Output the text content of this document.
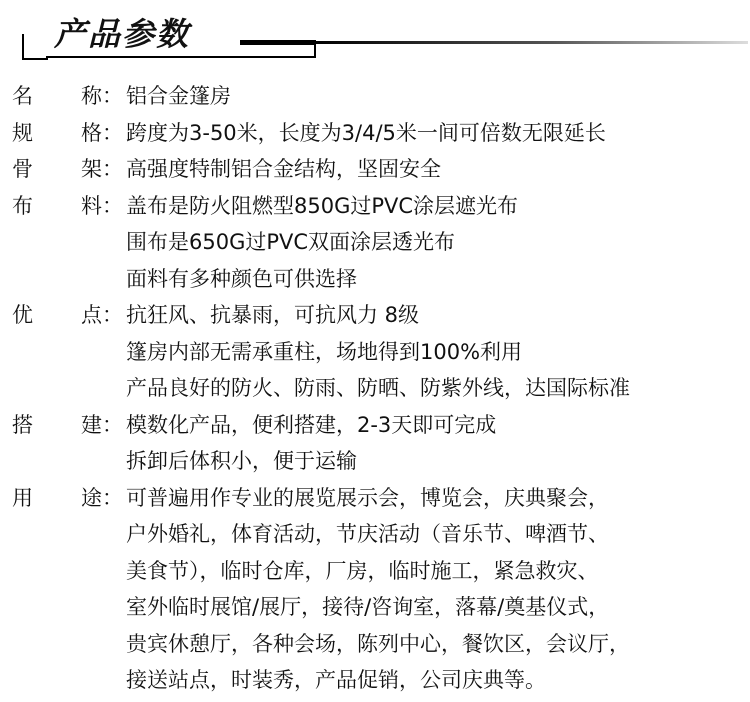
产品参数
名 称 ： 铝合金篷房
规 格 ： 跨度为3-50米，长度为3/4/5米一间可倍数无限延长
骨 架 ： 高强度特制铝合金结构，坚固安全
布 料 ： 盖布是防火阻燃型850G过PVC涂层遮光布
围布是650G过PVC双面涂层透光布
面料有多种颜色可供选择
优 点 ： 抗狂风、抗暴雨，可抗风力 8级
篷房内部无需承重柱，场地得到100%利用
产品良好的防火、防雨、防晒、防紫外线，达国际标准
搭 建 ： 模数化产品，便利搭建，2-3天即可完成
拆卸后体积小，便于运输
用 途 ： 可普遍用作专业的展览展示会，博览会，庆典聚会，
户外婚礼，体育活动，节庆活动（音乐节、啤酒节、
美食节），临时仓库，厂房，临时施工，紧急救灾、
室外临时展馆/展厅，接待/咨询室，落幕/奠基仪式，
贵宾休憩厅，各种会场，陈列中心，餐饮区，会议厅，
接送站点，时装秀，产品促销，公司庆典等。
